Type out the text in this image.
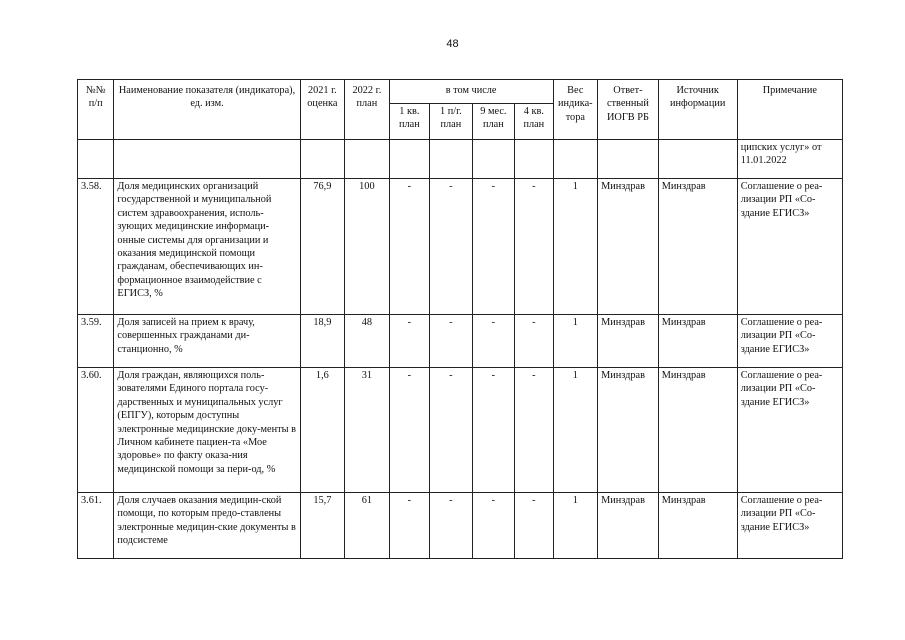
48
№№ п/п	Наименование показателя (индикатора), ед. изм.	2021 г. оценка	2022 г. план	в том числе				Вес индика-тора	Ответ-ственный ИОГВ РБ	Источник информации	Примечание
				1 кв. план	1 п/г. план	9 мес. план	4 кв. план				
											ципских услуг» от 11.01.2022
3.58.	Доля медицинских организаций государственной и муниципальной систем здравоохранения, исполь-зующих медицинские информаци-онные системы для организации и оказания медицинской помощи гражданам, обеспечивающих ин-формационное взаимодействие с ЕГИСЗ, %	76,9	100	-	-	-	-	1	Минздрав	Минздрав	Соглашение о реа-лизации РП «Со-здание ЕГИСЗ»
3.59.	Доля записей на прием к врачу, совершенных гражданами ди-станционно, %	18,9	48	-	-	-	-	1	Минздрав	Минздрав	Соглашение о реа-лизации РП «Со-здание ЕГИСЗ»
3.60.	Доля граждан, являющихся поль-зователями Единого портала госу-дарственных и муниципальных услуг (ЕПГУ), которым доступны электронные медицинские доку-менты в Личном кабинете пациен-та «Мое здоровье» по факту оказа-ния медицинской помощи за пери-од, %	1,6	31	-	-	-	-	1	Минздрав	Минздрав	Соглашение о реа-лизации РП «Со-здание ЕГИСЗ»
3.61.	Доля случаев оказания медицин-ской помощи, по которым предо-ставлены электронные медицин-ские документы в подсистеме	15,7	61	-	-	-	-	1	Минздрав	Минздрав	Соглашение о реа-лизации РП «Со-здание ЕГИСЗ»
